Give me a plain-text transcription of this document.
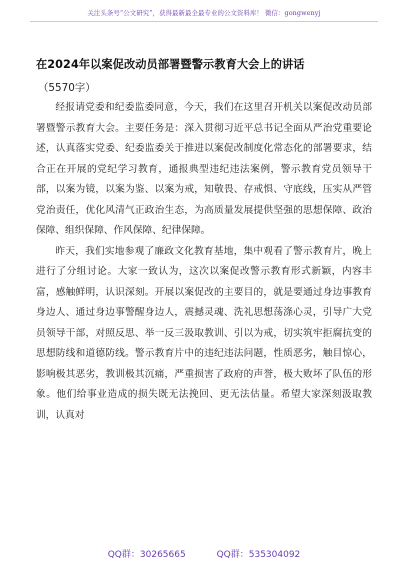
关注头条号“公文研究”，获得最新最全最专业的公文资料库！ 微信：gongwenyj
在2024年以案促改动员部署暨警示教育大会上的讲话
（5570字）

经报请党委和纪委监委同意，今天，我们在这里召开机关以案促改动员部署暨警示教育大会。主要任务是：深入贯彻习近平总书记全面从严治党重要论述，认真落实党委、纪委监委关于推进以案促改制度化常态化的部署要求，结合正在开展的党纪学习教育，通报典型违纪违法案例，警示教育党员领导干部，以案为镜，以案为鉴、以案为戒，知敬畏、存戒惧、守底线，压实从严管党治责任，优化风清气正政治生态，为高质量发展提供坚强的思想保障、政治保障、组织保障、作风保障、纪律保障。

昨天，我们实地参观了廉政文化教育基地，集中观看了警示教育片，晚上进行了分组讨论。大家一致认为，这次以案促改警示教育形式新颖，内容丰富，感触鲜明，认识深刻。开展以案促改的主要目的，就是要通过身边事教育身边人、通过身边事警醒身边人，震撼灵魂、洗礼思想荡涤心灵，引导广大党员领导干部，对照反思、举一反三汲取教训、引以为戒，切实筑牢拒腐抗变的思想防线和道德防线。警示教育片中的违纪违法问题，性质恶劣，触目惊心，影响极其恶劣，教训极其沉痛，严重损害了政府的声誉，极大败坏了队伍的形象。他们给事业造成的损失既无法挽回、更无法估量。希望大家深刻汲取教训，认真对

QQ群：30265665	QQ群：535304092
